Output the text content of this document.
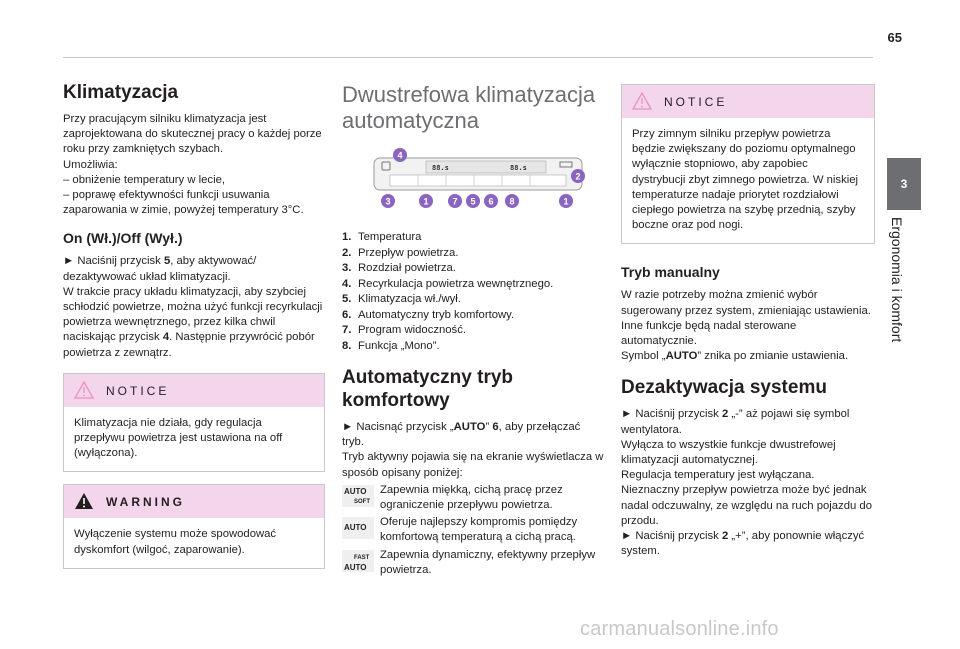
65
3
Ergonomia i komfort
Klimatyzacja

Przy pracującym silniku klimatyzacja jest zaprojektowana do skutecznej pracy o każdej porze roku przy zamkniętych szybach.

Umożliwia:

– obniżenie temperatury w lecie,

– poprawę efektywności funkcji usuwania zaparowania w zimie, powyżej temperatury 3°C.

On (Wł.)/Off (Wył.)

► Naciśnij przycisk 5, aby aktywować/ dezaktywować układ klimatyzacji.

W trakcie pracy układu klimatyzacji, aby szybciej schłodzić powietrze, można użyć funkcji recyrkulacji powietrza wewnętrznego, przez kilka chwil naciskając przycisk 4. Następnie przywrócić pobór powietrza z zewnątrz.

NOTICE

Klimatyzacja nie działa, gdy regulacja przepływu powietrza jest ustawiona na off (wyłączona).

WARNING

Wyłączenie systemu może spowodować dyskomfort (wilgoć, zaparowanie).

Dwustrefowa klimatyzacja
automatyczna
88.s	88.s
4
2
3	1	7 5 6 8	1
1. Temperatura
2. Przepływ powietrza.
3. Rozdział powietrza.
4. Recyrkulacja powietrza wewnętrznego.
5. Klimatyzacja wł./wył.
6. Automatyczny tryb komfortowy.
7. Program widoczność.
8. Funkcja „Mono”.
Automatyczny tryb
komfortowy

► Nacisnąć przycisk „AUTO” 6, aby przełączać tryb.

Tryb aktywny pojawia się na ekranie wyświetlacza w sposób opisany poniżej:

AUTO
SOFT

Zapewnia miękką, cichą pracę przez ograniczenie przepływu powietrza.

AUTO	Oferuje najlepszy kompromis pomiędzy komfortową temperaturą a cichą pracą.

FAST
AUTO

Zapewnia dynamiczny, efektywny przepływ powietrza.

NOTICE

Przy zimnym silniku przepływ powietrza będzie zwiększany do poziomu optymalnego wyłącznie stopniowo, aby zapobiec dystrybucji zbyt zimnego powietrza. W niskiej temperaturze nadaje priorytet rozdziałowi ciepłego powietrza na szybę przednią, szyby boczne oraz pod nogi.

Tryb manualny

W razie potrzeby można zmienić wybór sugerowany przez system, zmieniając ustawienia. Inne funkcje będą nadal sterowane automatycznie.

Symbol „AUTO” znika po zmianie ustawienia.

Dezaktywacja systemu

► Naciśnij przycisk 2 „-” aż pojawi się symbol wentylatora.

Wyłącza to wszystkie funkcje dwustrefowej klimatyzacji automatycznej.

Regulacja temperatury jest wyłączana.

Nieznaczny przepływ powietrza może być jednak nadal odczuwalny, ze względu na ruch pojazdu do przodu.

► Naciśnij przycisk 2 „+”, aby ponownie włączyć system.

carmanualsonline.info
